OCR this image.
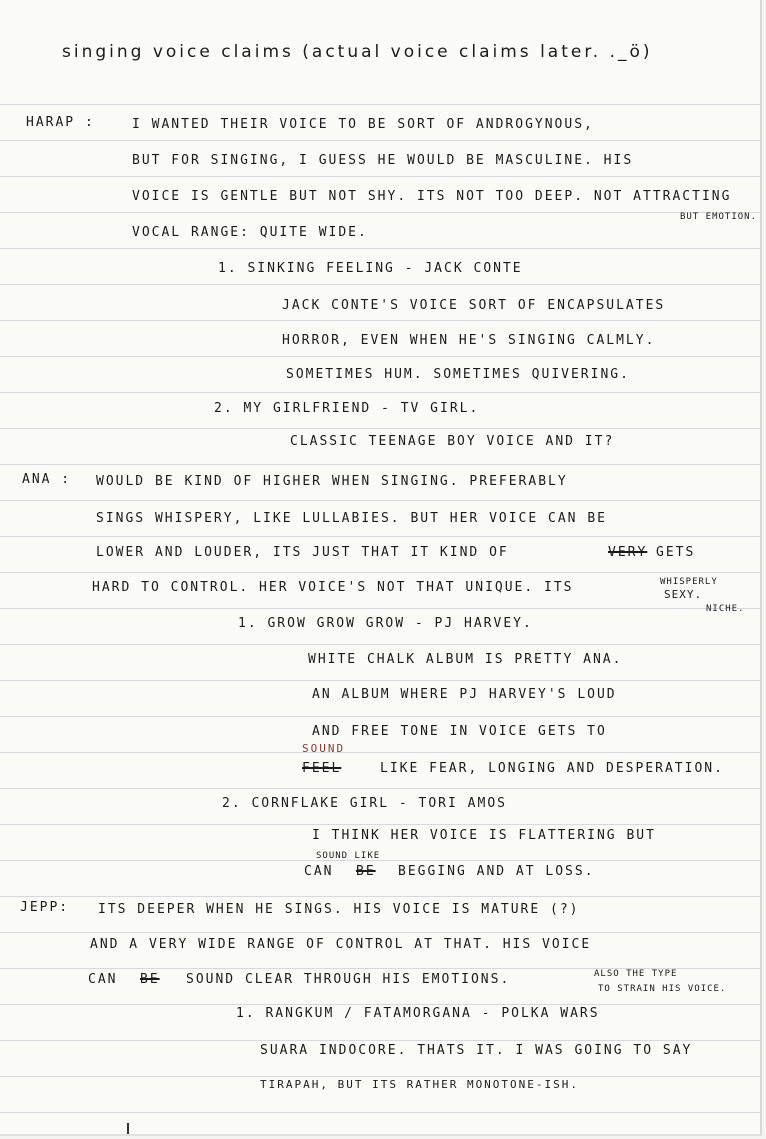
singing voice claims (actual voice claims later. ._ö)
HARAP :	I WANTED THEIR VOICE TO BE SORT OF ANDROGYNOUS,
BUT FOR SINGING, I GUESS HE WOULD BE MASCULINE. HIS
VOICE IS GENTLE BUT NOT SHY. ITS NOT TOO DEEP. NOT ATTRACTING
BUT EMOTION.
VOCAL RANGE: QUITE WIDE.
1. SINKING FEELING - JACK CONTE
JACK CONTE'S VOICE SORT OF ENCAPSULATES
HORROR, EVEN WHEN HE'S SINGING CALMLY.
SOMETIMES HUM. SOMETIMES QUIVERING.
2. MY GIRLFRIEND - TV GIRL.
CLASSIC TEENAGE BOY VOICE AND IT?
ANA : WOULD BE KIND OF HIGHER WHEN SINGING. PREFERABLY
SINGS WHISPERY, LIKE LULLABIES. BUT HER VOICE CAN BE
LOWER AND LOUDER, ITS JUST THAT IT KIND OF	VERY GETS
HARD TO CONTROL. HER VOICE'S NOT THAT UNIQUE. ITS	WHISPERLY
SEXY.
NICHE.
1. GROW GROW GROW - PJ HARVEY.
WHITE CHALK ALBUM IS PRETTY ANA.
AN ALBUM WHERE PJ HARVEY'S LOUD
AND FREE TONE IN VOICE GETS TO
SOUND
FEEL	LIKE FEAR, LONGING AND DESPERATION.
2. CORNFLAKE GIRL - TORI AMOS
I THINK HER VOICE IS FLATTERING BUT
SOUND LIKE
CAN BE BEGGING AND AT LOSS.
JEPP: ITS DEEPER WHEN HE SINGS. HIS VOICE IS MATURE (?)
AND A VERY WIDE RANGE OF CONTROL AT THAT. HIS VOICE
CAN BE SOUND CLEAR THROUGH HIS EMOTIONS.	ALSO THE TYPE
TO STRAIN HIS VOICE.
1. RANGKUM / FATAMORGANA - POLKA WARS
SUARA INDOCORE. THATS IT. I WAS GOING TO SAY
TIRAPAH, BUT ITS RATHER MONOTONE-ISH.
